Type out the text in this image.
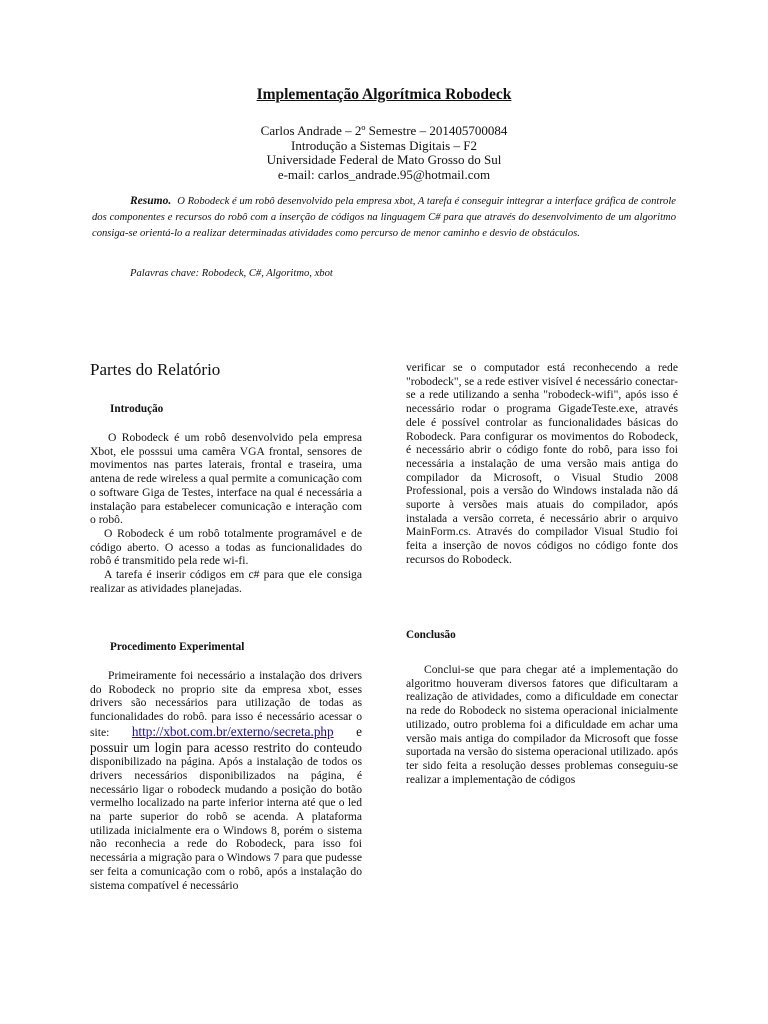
Implementação Algorítmica Robodeck
Carlos Andrade – 2º Semestre – 201405700084
Introdução a Sistemas Digitais – F2
Universidade Federal de Mato Grosso do Sul
e-mail: carlos_andrade.95@hotmail.com
Resumo. O Robodeck é um robô desenvolvido pela empresa xbot, A tarefa é conseguir inttegrar a interface gráfica de controle dos componentes e recursos do robô com a inserção de códigos na linguagem C# para que através do desenvolvimento de um algoritmo consiga-se orientá-lo a realizar determinadas atividades como percurso de menor caminho e desvio de obstáculos.
Palavras chave: Robodeck, C#, Algoritmo, xbot
Partes do Relatório
Introdução

O Robodeck é um robô desenvolvido pela empresa Xbot, ele posssui uma camêra VGA frontal, sensores de movimentos nas partes laterais, frontal e traseira, uma antena de rede wireless a qual permite a comunicação com o software Giga de Testes, interface na qual é necessária a instalação para estabelecer comunicação e interação com o robô.

O Robodeck é um robô totalmente programável e de código aberto. O acesso a todas as funcionalidades do robô é transmitido pela rede wi-fi.

A tarefa é inserir códigos em c# para que ele consiga realizar as atividades planejadas.

Procedimento Experimental

Primeiramente foi necessário a instalação dos drivers do Robodeck no proprio site da empresa xbot, esses drivers são necessários para utilização de todas as funcionalidades do robô. para isso é necessário acessar o site: http://xbot.com.br/externo/secreta.php e possuir um login para acesso restrito do conteudo disponibilizado na página. Após a instalação de todos os drivers necessários disponibilizados na página, é necessário ligar o robodeck mudando a posição do botão vermelho localizado na parte inferior interna até que o led na parte superior do robô se acenda. A plataforma utilizada inicialmente era o Windows 8, porém o sistema não reconhecia a rede do Robodeck, para isso foi necessária a migração para o Windows 7 para que pudesse ser feita a comunicação com o robô, após a instalação do sistema compatível é necessário

verificar se o computador está reconhecendo a rede "robodeck", se a rede estiver visível é necessário conectar-se a rede utilizando a senha "robodeck-wifi", após isso é necessário rodar o programa GigadeTeste.exe, através dele é possível controlar as funcionalidades básicas do Robodeck. Para configurar os movimentos do Robodeck, é necessário abrir o código fonte do robô, para isso foi necessária a instalação de uma versão mais antiga do compilador da Microsoft, o Visual Studio 2008 Professional, pois a versão do Windows instalada não dá suporte à versões mais atuais do compilador, após instalada a versão correta, é necessário abrir o arquivo MainForm.cs. Através do compilador Visual Studio foi feita a inserção de novos códigos no código fonte dos recursos do Robodeck.

Conclusão

Conclui-se que para chegar até a implementação do algoritmo houveram diversos fatores que dificultaram a realização de atividades, como a dificuldade em conectar na rede do Robodeck no sistema operacional inicialmente utilizado, outro problema foi a dificuldade em achar uma versão mais antiga do compilador da Microsoft que fosse suportada na versão do sistema operacional utilizado. após ter sido feita a resolução desses problemas conseguiu-se realizar a implementação de códigos
